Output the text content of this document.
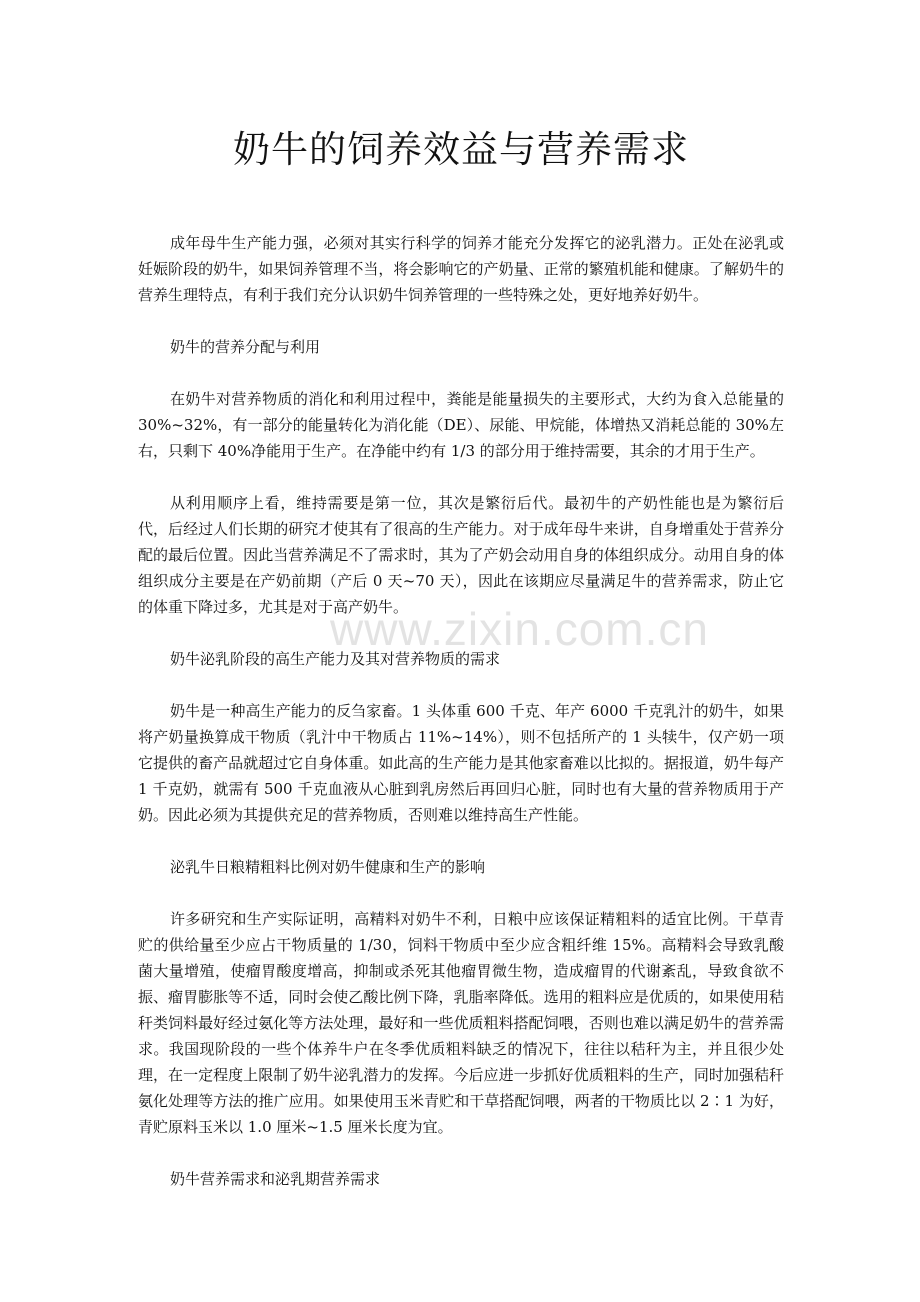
www.zixin.com.cn
奶牛的饲养效益与营养需求

成年母牛生产能力强，必须对其实行科学的饲养才能充分发挥它的泌乳潜力。正处在泌乳或妊娠阶段的奶牛，如果饲养管理不当，将会影响它的产奶量、正常的繁殖机能和健康。了解奶牛的营养生理特点，有利于我们充分认识奶牛饲养管理的一些特殊之处，更好地养好奶牛。

奶牛的营养分配与利用

在奶牛对营养物质的消化和利用过程中，粪能是能量损失的主要形式，大约为食入总能量的 30%~32%，有一部分的能量转化为消化能（DE）、尿能、甲烷能，体增热又消耗总能的 30%左右，只剩下 40%净能用于生产。在净能中约有 1/3 的部分用于维持需要，其余的才用于生产。

从利用顺序上看，维持需要是第一位，其次是繁衍后代。最初牛的产奶性能也是为繁衍后代，后经过人们长期的研究才使其有了很高的生产能力。对于成年母牛来讲，自身增重处于营养分配的最后位置。因此当营养满足不了需求时，其为了产奶会动用自身的体组织成分。动用自身的体组织成分主要是在产奶前期（产后 0 天~70 天），因此在该期应尽量满足牛的营养需求，防止它的体重下降过多，尤其是对于高产奶牛。

奶牛泌乳阶段的高生产能力及其对营养物质的需求

奶牛是一种高生产能力的反刍家畜。1 头体重 600 千克、年产 6000 千克乳汁的奶牛，如果将产奶量换算成干物质（乳汁中干物质占 11%~14%），则不包括所产的 1 头犊牛，仅产奶一项它提供的畜产品就超过它自身体重。如此高的生产能力是其他家畜难以比拟的。据报道，奶牛每产 1 千克奶，就需有 500 千克血液从心脏到乳房然后再回归心脏，同时也有大量的营养物质用于产奶。因此必须为其提供充足的营养物质，否则难以维持高生产性能。

泌乳牛日粮精粗料比例对奶牛健康和生产的影响

许多研究和生产实际证明，高精料对奶牛不利，日粮中应该保证精粗料的适宜比例。干草青贮的供给量至少应占干物质量的 1/30，饲料干物质中至少应含粗纤维 15%。高精料会导致乳酸菌大量增殖，使瘤胃酸度增高，抑制或杀死其他瘤胃微生物，造成瘤胃的代谢紊乱，导致食欲不振、瘤胃膨胀等不适，同时会使乙酸比例下降，乳脂率降低。选用的粗料应是优质的，如果使用秸秆类饲料最好经过氨化等方法处理，最好和一些优质粗料搭配饲喂，否则也难以满足奶牛的营养需求。我国现阶段的一些个体养牛户在冬季优质粗料缺乏的情况下，往往以秸秆为主，并且很少处理，在一定程度上限制了奶牛泌乳潜力的发挥。今后应进一步抓好优质粗料的生产，同时加强秸秆氨化处理等方法的推广应用。如果使用玉米青贮和干草搭配饲喂，两者的干物质比以 2∶1 为好，青贮原料玉米以 1.0 厘米~1.5 厘米长度为宜。

奶牛营养需求和泌乳期营养需求
